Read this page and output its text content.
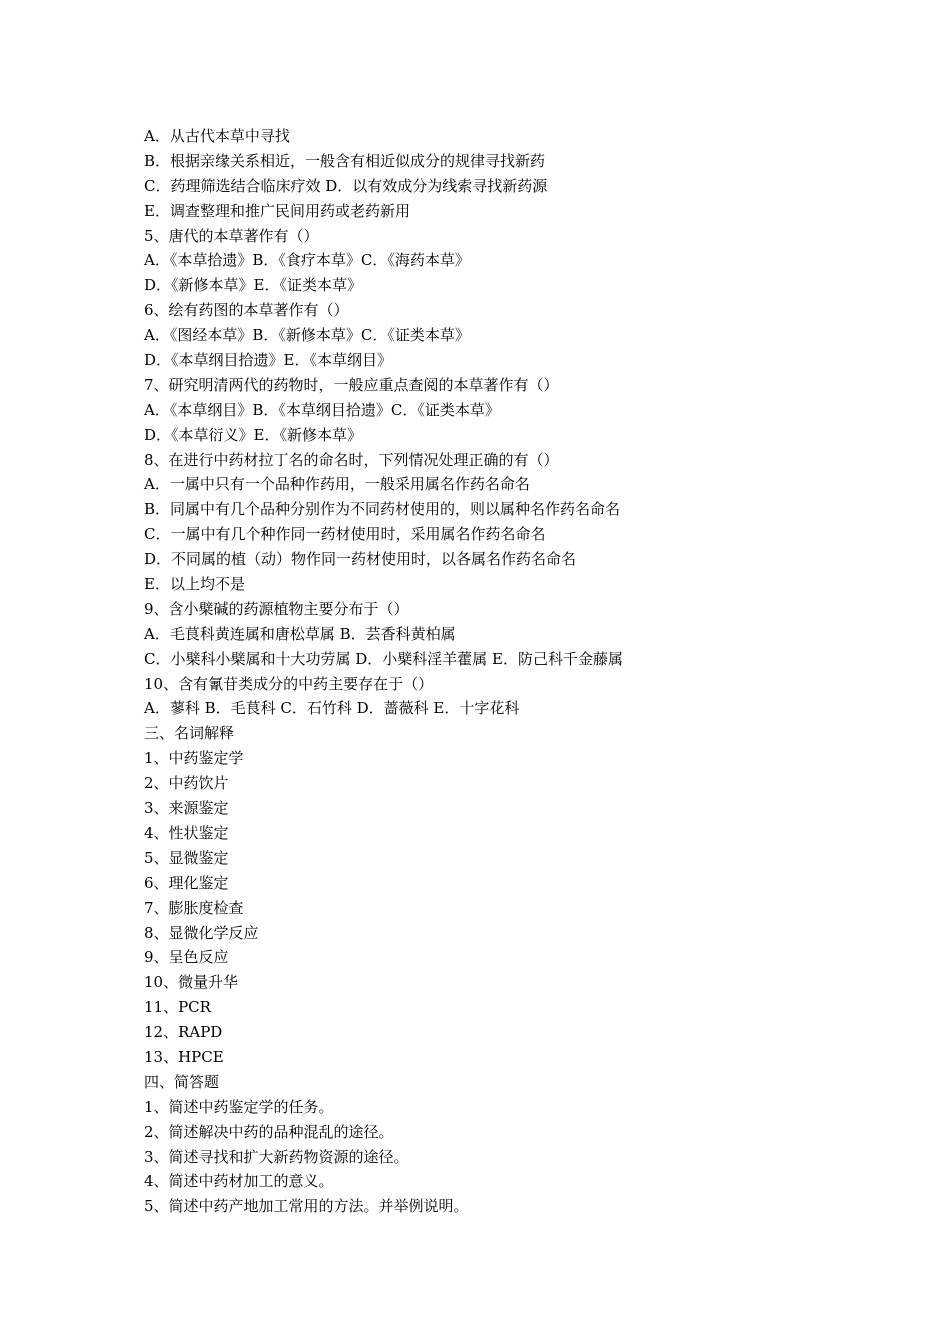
A．从古代本草中寻找
B．根据亲缘关系相近，一般含有相近似成分的规律寻找新药
C．药理筛选结合临床疗效 D．以有效成分为线索寻找新药源
E．调查整理和推广民间用药或老药新用
5、唐代的本草著作有（）
A．《本草拾遗》B．《食疗本草》C．《海药本草》
D．《新修本草》E．《证类本草》
6、绘有药图的本草著作有（）
A．《图经本草》B．《新修本草》C．《证类本草》
D．《本草纲目拾遗》E．《本草纲目》
7、研究明清两代的药物时，一般应重点查阅的本草著作有（）
A．《本草纲目》B．《本草纲目拾遗》C．《证类本草》
D．《本草衍义》E．《新修本草》
8、在进行中药材拉丁名的命名时，下列情况处理正确的有（）
A．一属中只有一个品种作药用，一般采用属名作药名命名
B．同属中有几个品种分别作为不同药材使用的，则以属种名作药名命名
C．一属中有几个种作同一药材使用时，采用属名作药名命名
D．不同属的植（动）物作同一药材使用时，以各属名作药名命名
E．以上均不是
9、含小檗碱的药源植物主要分布于（）
A．毛茛科黄连属和唐松草属 B．芸香科黄柏属
C．小檗科小檗属和十大功劳属 D．小檗科淫羊藿属 E．防己科千金藤属
10、含有氰苷类成分的中药主要存在于（）
A．蓼科 B．毛茛科 C．石竹科 D．蔷薇科 E．十字花科
三、名词解释
1、中药鉴定学
2、中药饮片
3、来源鉴定
4、性状鉴定
5、显微鉴定
6、理化鉴定
7、膨胀度检查
8、显微化学反应
9、呈色反应
10、微量升华
11、PCR
12、RAPD
13、HPCE
四、简答题
1、简述中药鉴定学的任务。
2、简述解决中药的品种混乱的途径。
3、简述寻找和扩大新药物资源的途径。
4、简述中药材加工的意义。
5、简述中药产地加工常用的方法。并举例说明。
